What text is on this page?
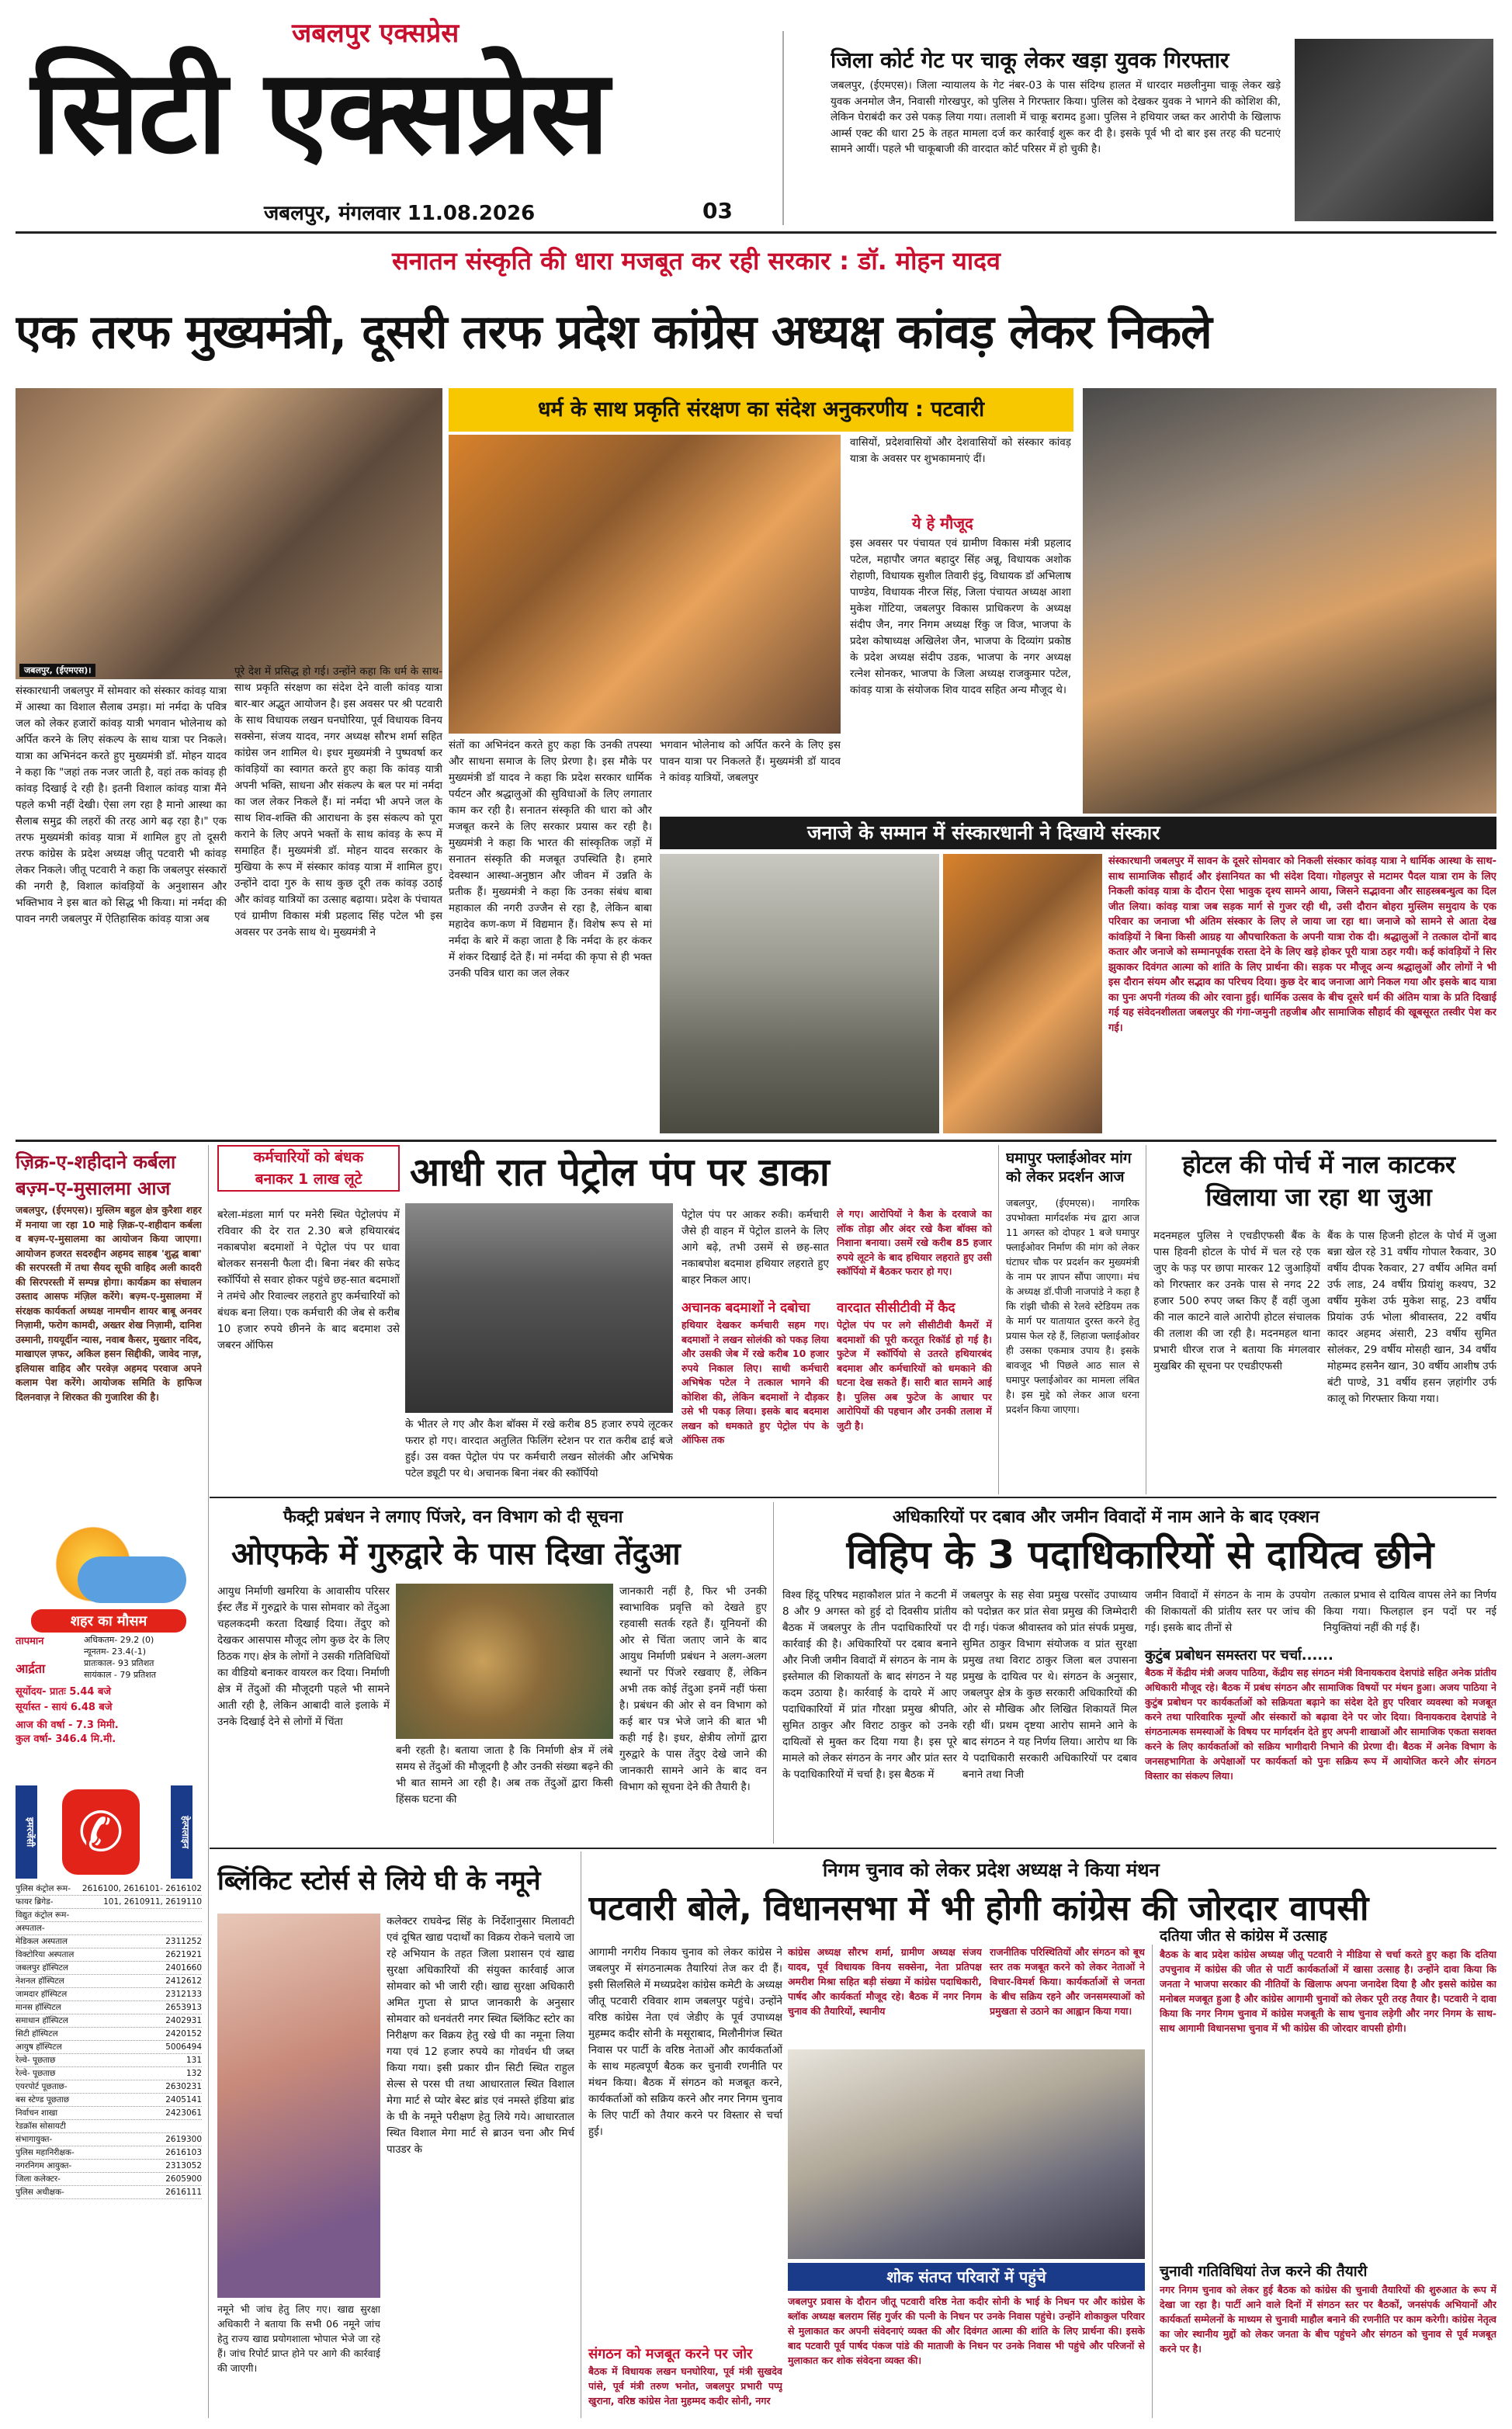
जबलपुर एक्सप्रेस
सिटी एक्सप्रेस
जबलपुर, मंगलवार 11.08.2026	03
जिला कोर्ट गेट पर चाकू लेकर खड़ा युवक गिरफ्तार
जबलपुर, (ईएमएस)। जिला न्यायालय के गेट नंबर-03 के पास संदिग्ध हालत में धारदार मछलीनुमा चाकू लेकर खड़े युवक अनमोल जैन, निवासी गोरखपुर, को पुलिस ने गिरफ्तार किया। पुलिस को देखकर युवक ने भागने की कोशिश की, लेकिन घेराबंदी कर उसे पकड़ लिया गया। तलाशी में चाकू बरामद हुआ। पुलिस ने हथियार जब्त कर आरोपी के खिलाफ आर्म्स एक्ट की धारा 25 के तहत मामला दर्ज कर कार्रवाई शुरू कर दी है। इसके पूर्व भी दो बार इस तरह की घटनाएं सामने आयीं। पहले भी चाकूबाजी की वारदात कोर्ट परिसर में हो चुकी है।
सनातन संस्कृति की धारा मजबूत कर रही सरकार : डॉ. मोहन यादव
एक तरफ मुख्यमंत्री, दूसरी तरफ प्रदेश कांग्रेस अध्यक्ष कांवड़ लेकर निकले
जबलपुर, (ईएमएस)।
धर्म के साथ प्रकृति संरक्षण का संदेश अनुकरणीय : पटवारी
संस्कारधानी जबलपुर में सोमवार को संस्कार कांवड़ यात्रा में आस्था का विशाल सैलाब उमड़ा। मां नर्मदा के पवित्र जल को लेकर हजारों कांवड़ यात्री भगवान भोलेनाथ को अर्पित करने के लिए संकल्प के साथ यात्रा पर निकले। यात्रा का अभिनंदन करते हुए मुख्यमंत्री डॉ. मोहन यादव ने कहा कि "जहां तक नजर जाती है, वहां तक कांवड़ ही कांवड़ दिखाई दे रही है। इतनी विशाल कांवड़ यात्रा मैंने पहले कभी नहीं देखी। ऐसा लग रहा है मानो आस्था का सैलाब समुद्र की लहरों की तरह आगे बढ़ रहा है।" एक तरफ मुख्यमंत्री कांवड़ यात्रा में शामिल हुए तो दूसरी तरफ कांग्रेस के प्रदेश अध्यक्ष जीतू पटवारी भी कांवड़ लेकर निकले। जीतू पटवारी ने कहा कि जबलपुर संस्कारों की नगरी है, विशाल कांवड़ियों के अनुशासन और भक्तिभाव ने इस बात को सिद्ध भी किया। मां नर्मदा की पावन नगरी जबलपुर में ऐतिहासिक कांवड़ यात्रा अब
पूरे देश में प्रसिद्ध हो गई। उन्होंने कहा कि धर्म के साथ-साथ प्रकृति संरक्षण का संदेश देने वाली कांवड़ यात्रा बार-बार अद्भुत आयोजन है। इस अवसर पर श्री पटवारी के साथ विधायक लखन घनघोरिया, पूर्व विधायक विनय सक्सेना, संजय यादव, नगर अध्यक्ष सौरभ शर्मा सहित कांग्रेस जन शामिल थे। इधर मुख्यमंत्री ने पुष्पवर्षा कर कांवड़ियों का स्वागत करते हुए कहा कि कांवड़ यात्री अपनी भक्ति, साधना और संकल्प के बल पर मां नर्मदा का जल लेकर निकले हैं। मां नर्मदा भी अपने जल के साथ शिव-शक्ति की आराधना के इस संकल्प को पूरा कराने के लिए अपने भक्तों के साथ कांवड़ के रूप में समाहित हैं। मुख्यमंत्री डॉ. मोहन यादव सरकार के मुखिया के रूप में संस्कार कांवड़ यात्रा में शामिल हुए। उन्होंने दादा गुरु के साथ कुछ दूरी तक कांवड़ उठाई और कांवड़ यात्रियों का उत्साह बढ़ाया। प्रदेश के पंचायत एवं ग्रामीण विकास मंत्री प्रहलाद सिंह पटेल भी इस अवसर पर उनके साथ थे। मुख्यमंत्री ने
संतों का अभिनंदन करते हुए कहा कि उनकी तपस्या और साधना समाज के लिए प्रेरणा है। इस मौके पर मुख्यमंत्री डॉ यादव ने कहा कि प्रदेश सरकार धार्मिक पर्यटन और श्रद्धालुओं की सुविधाओं के लिए लगातार काम कर रही है। सनातन संस्कृति की धारा को और मजबूत करने के लिए सरकार प्रयास कर रही है। मुख्यमंत्री ने कहा कि भारत की सांस्कृतिक जड़ों में सनातन संस्कृति की मजबूत उपस्थिति है। हमारे देवस्थान आस्था-अनुष्ठान और जीवन में उन्नति के प्रतीक हैं। मुख्यमंत्री ने कहा कि उनका संबंध बाबा महाकाल की नगरी उज्जैन से रहा है, लेकिन बाबा महादेव कण-कण में विद्यमान हैं। विशेष रूप से मां नर्मदा के बारे में कहा जाता है कि नर्मदा के हर कंकर में शंकर दिखाई देते हैं। मां नर्मदा की कृपा से ही भक्त उनकी पवित्र धारा का जल लेकर
भगवान भोलेनाथ को अर्पित करने के लिए इस पावन यात्रा पर निकलते हैं। मुख्यमंत्री डॉ यादव ने कांवड़ यात्रियों, जबलपुर
वासियों, प्रदेशवासियों और देशवासियों को संस्कार कांवड़ यात्रा के अवसर पर शुभकामनाएं दीं।
ये हे मौजूद
इस अवसर पर पंचायत एवं ग्रामीण विकास मंत्री प्रहलाद पटेल, महापौर जगत बहादुर सिंह अन्नू, विधायक अशोक रोहाणी, विधायक सुशील तिवारी इंदु, विधायक डॉ अभिलाष पाण्डेय, विधायक नीरज सिंह, जिला पंचायत अध्यक्ष आशा मुकेश गोंटिया, जबलपुर विकास प्राधिकरण के अध्यक्ष संदीप जैन, नगर निगम अध्यक्ष रिंकु ज विज, भाजपा के प्रदेश कोषाध्यक्ष अखिलेश जैन, भाजपा के दिव्यांग प्रकोष्ठ के प्रदेश अध्यक्ष संदीप उडक, भाजपा के नगर अध्यक्ष रत्नेश सोनकर, भाजपा के जिला अध्यक्ष राजकुमार पटेल, कांवड़ यात्रा के संयोजक शिव यादव सहित अन्य मौजूद थे।
जनाजे के सम्मान में संस्कारधानी ने दिखाये संस्कार
संस्कारधानी जबलपुर में सावन के दूसरे सोमवार को निकली संस्कार कांवड़ यात्रा ने धार्मिक आस्था के साथ-साथ सामाजिक सौहार्द और इंसानियत का भी संदेश दिया। गोहलपुर से मटामर पैदल यात्रा राम के लिए निकली कांवड़ यात्रा के दौरान ऐसा भावुक दृश्य सामने आया, जिसने सद्भावना और साहस्त्रबन्धुत्व का दिल जीत लिया। कांवड़ यात्रा जब सड़क मार्ग से गुजर रही थी, उसी दौरान बोहरा मुस्लिम समुदाय के एक परिवार का जनाजा भी अंतिम संस्कार के लिए ले जाया जा रहा था। जनाजे को सामने से आता देख कांवड़ियों ने बिना किसी आग्रह या औपचारिकता के अपनी यात्रा रोक दी। श्रद्धालुओं ने तत्काल दोनों बाद कतार और जनाजे को सम्मानपूर्वक रास्ता देने के लिए खड़े होकर पूरी यात्रा ठहर गयी। कई कांवड़ियों ने सिर झुकाकर दिवंगत आत्मा को शांति के लिए प्रार्थना की। सड़क पर मौजूद अन्य श्रद्धालुओं और लोगों ने भी इस दौरान संयम और सद्भाव का परिचय दिया। कुछ देर बाद जनाजा आगे निकल गया और इसके बाद यात्रा का पुनः अपनी गंतव्य की ओर रवाना हुई। धार्मिक उत्सव के बीच दूसरे धर्म की अंतिम यात्रा के प्रति दिखाई गई यह संवेदनशीलता जबलपुर की गंगा-जमुनी तहजीब और सामाजिक सौहार्द की खूबसूरत तस्वीर पेश कर गई।
ज़िक्र-ए-शहीदाने कर्बला
बज़्म-ए-मुसालमा आज
जबलपुर, (ईएमएस)। मुस्लिम बहुल क्षेत्र कुरैशा शहर में मनाया जा रहा 10 माहे ज़िक्र-ए-शहीदान कर्बला व बज़्म-ए-मुसालमा का आयोजन किया जाएगा। आयोजन हजरत सदरुद्दीन अहमद साहब 'शुद्ध बाबा' की सरपरस्ती में तथा सैयद सूफी वाहिद अली कादरी की सिरपरस्ती में सम्पन्न होगा। कार्यक्रम का संचालन उस्ताद आसफ मंज़िल करेंगे। बज़्म-ए-मुसालमा में संरक्षक कार्यकर्ता अध्यक्ष नामचीन शायर बाबू अनवर निज़ामी, फरोग कामदी, अख्तर शेख निज़ामी, दानिश उस्मानी, ग़ययूर्दीन न्यास, नवाब कैसर, मुख्तार नदिद, माखाएल ज़फर, अकिल हसन सिद्दीकी, जावेद नाज़, इलियास वाहिद और परवेज़ अहमद परवाज अपने कलाम पेश करेंगे। आयोजक समिति के हाफिज दिलनवाज़ ने शिरकत की गुजारिश की है।
शहर का मौसम
तापमान	अधिकतम- 29.2 (0)
न्यूनतम- 23.4(-1)
प्रातःकाल- 93 प्रतिशत
आर्द्रता	सायंकाल - 79 प्रतिशत
सूर्योदय- प्रातः 5.44 बजे
सूर्यास्त - सायं 6.48 बजे
आज की वर्षा - 7.3 मिमी.
कुल वर्षा- 346.4 मि.मी.
इमरजेंसी ✆	हेल्पलाइन
पुलिस कंट्रोल रूम- 2616100, 2616101- 2616102
फायर ब्रिगेड-	101, 2610911, 2619110
विद्युत कंट्रोल रूम-
अस्पताल-
मेडिकल अस्पताल	2311252
विक्टोरिया अस्पताल	2621921
जबलपुर हॉस्पिटल	2401660
नेशनल हॉस्पिटल	2412612
जामदार हॉस्पिटल	2312133
मानस हॉस्पिटल	2653913
समाधान हॉस्पिटल	2402931
सिटी हॉस्पिटल	2420152
आयुष हॉस्पिटल	5006494
रेल्वे- पूछताछ	131
रेल्वे- पूछताछ	132
एयरपोर्ट पूछताछ-	2630231
बस स्टेण्ड पूछताछ	2405141
निर्वाचन शाखा	2423061
रेडक्रॉस सोसायटी
संभागायुक्त-	2619300
पुलिस महानिरीक्षक-	2616103
नगरनिगम आयुक्त-	2313052
जिला कलेक्टर-	2605900
पुलिस अधीक्षक-	2616111
कर्मचारियों को बंधक
बनाकर 1 लाख लूटे	आधी रात पेट्रोल पंप पर डाका
बरेला-मंडला मार्ग पर मनेरी स्थित पेट्रोलपंप में रविवार की देर रात 2.30 बजे हथियारबंद नकाबपोश बदमाशों ने पेट्रोल पंप पर धावा बोलकर सनसनी फैला दी। बिना नंबर की सफेद स्कॉर्पियो से सवार होकर पहुंचे छह-सात बदमाशों ने तमंचे और रिवाल्वर लहराते हुए कर्मचारियों को बंधक बना लिया। एक कर्मचारी की जेब से करीब 10 हजार रुपये छीनने के बाद बदमाश उसे जबरन ऑफिस
के भीतर ले गए और कैश बॉक्स में रखे करीब 85 हजार रुपये लूटकर फरार हो गए। वारदात अतुलित फिलिंग स्टेशन पर रात करीब ढाई बजे हुई। उस वक्त पेट्रोल पंप पर कर्मचारी लखन सोलंकी और अभिषेक पटेल ड्यूटी पर थे। अचानक बिना नंबर की स्कॉर्पियो
पेट्रोल पंप पर आकर रुकी। कर्मचारी जैसे ही वाहन में पेट्रोल डालने के लिए आगे बढ़े, तभी उसमें से छह-सात नकाबपोश बदमाश हथियार लहराते हुए बाहर निकल आए।
अचानक बदमाशों ने दबोचा
हथियार देखकर कर्मचारी सहम गए। बदमाशों ने लखन सोलंकी को पकड़ लिया और उसकी जेब में रखे करीब 10 हजार रुपये निकाल लिए। साथी कर्मचारी अभिषेक पटेल ने तत्काल भागने की कोशिश की, लेकिन बदमाशों ने दौड़कर उसे भी पकड़ लिया। इसके बाद बदमाश लखन को धमकाते हुए पेट्रोल पंप के ऑफिस तक
ले गए। आरोपियों ने कैश के दरवाजे का लॉक तोड़ा और अंदर रखे कैश बॉक्स को निशाना बनाया। उसमें रखे करीब 85 हजार रुपये लूटने के बाद हथियार लहराते हुए उसी स्कॉर्पियो में बैठकर फरार हो गए।
वारदात सीसीटीवी में कैद
पेट्रोल पंप पर लगे सीसीटीवी कैमरों में बदमाशों की पूरी करतूत रिकॉर्ड हो गई है। फुटेज में स्कॉर्पियो से उतरते हथियारबंद बदमाश और कर्मचारियों को धमकाने की घटना देख सकते हैं। सारी बात सामने आई है। पुलिस अब फुटेज के आधार पर आरोपियों की पहचान और उनकी तलाश में जुटी है।
घमापुर फ्लाईओवर मांग
को लेकर प्रदर्शन आज
जबलपुर, (ईएमएस)। नागरिक उपभोक्ता मार्गदर्शक मंच द्वारा आज 11 अगस्त को दोपहर 1 बजे घमापुर फ्लाईओवर निर्माण की मांग को लेकर घंटाघर चौक पर प्रदर्शन कर मुख्यमंत्री के नाम पर ज्ञापन सौंपा जाएगा। मंच के अध्यक्ष डॉ.पीजी नाजपांडे ने कहा है कि रांझी चौकी से रेलवे स्टेडियम तक के मार्ग पर यातायात दुरस्त करने हेतु प्रयास फेल रहे हैं, लिहाजा फ्लाईओवर ही उसका एकमात्र उपाय है। इसके बावजूद भी पिछले आठ साल से घमापुर फ्लाईओवर का मामला लंबित है। इस मुद्दे को लेकर आज धरना प्रदर्शन किया जाएगा।
होटल की पोर्च में नाल काटकर
खिलाया जा रहा था जुआ
मदनमहल पुलिस ने एचडीएफसी बैंक के पास हिवनी होटल के पोर्च में चल रहे एक जुए के फड़ पर छापा मारकर 12 जुआड़ियों को गिरफ्तार कर उनके पास से नगद 22 हजार 500 रुपए जब्त किए हैं वहीं जुआ की नाल काटने वाले आरोपी होटल संचालक की तलाश की जा रही है। मदनमहल थाना प्रभारी धीरज राज ने बताया कि मंगलवार मुखबिर की सूचना पर एचडीएफसी
बैंक के पास हिजनी होटल के पोर्च में जुआ बन्ना खेल रहे 31 वर्षीय गोपाल रैकवार, 30 वर्षीय दीपक रैकवार, 27 वर्षीय अमित वर्मा उर्फ लाड, 24 वर्षीय प्रियांशु कश्यप, 32 वर्षीय मुकेश उर्फ मुकेश साहू, 23 वर्षीय प्रियांक उर्फ भोला श्रीवास्तव, 22 वर्षीय कादर अहमद अंसारी, 23 वर्षीय सुमित सोलंकर, 29 वर्षीय मोसही खान, 34 वर्षीय मोहम्मद हसनैन खान, 30 वर्षीय आशीष उर्फ बंटी पाण्डे, 31 वर्षीय हसन ज़हांगीर उर्फ कालू को गिरफ्तार किया गया।
फैक्ट्री प्रबंधन ने लगाए पिंजरे, वन विभाग को दी सूचना
ओएफके में गुरुद्वारे के पास दिखा तेंदुआ
आयुध निर्माणी खमरिया के आवासीय परिसर ईस्ट लैंड में गुरुद्वारे के पास सोमवार को तेंदुआ चहलकदमी करता दिखाई दिया। तेंदुए को देखकर आसपास मौजूद लोग कुछ देर के लिए ठिठक गए। क्षेत्र के लोगों ने उसकी गतिविधियों का वीडियो बनाकर वायरल कर दिया। निर्माणी क्षेत्र में तेंदुओं की मौजूदगी पहले भी सामने आती रही है, लेकिन आबादी वाले इलाके में उनके दिखाई देने से लोगों में चिंता
बनी रहती है। बताया जाता है कि निर्माणी क्षेत्र में लंबे समय से तेंदुओं की मौजूदगी है और उनकी संख्या बढ़ने की भी बात सामने आ रही है। अब तक तेंदुओं द्वारा किसी हिंसक घटना की
जानकारी नहीं है, फिर भी उनकी स्वाभाविक प्रवृत्ति को देखते हुए रहवासी सतर्क रहते हैं। यूनियनों की ओर से चिंता जताए जाने के बाद आयुध निर्माणी प्रबंधन ने अलग-अलग स्थानों पर पिंजरे रखवाए हैं, लेकिन अभी तक कोई तेंदुआ इनमें नहीं फंसा है। प्रबंधन की ओर से वन विभाग को कई बार पत्र भेजे जाने की बात भी कही गई है। इधर, क्षेत्रीय लोगों द्वारा गुरुद्वारे के पास तेंदुए देखे जाने की जानकारी सामने आने के बाद वन विभाग को सूचना देने की तैयारी है।
अधिकारियों पर दबाव और जमीन विवादों में नाम आने के बाद एक्शन
विहिप के 3 पदाधिकारियों से दायित्व छीने
विश्व हिंदू परिषद महाकौशल प्रांत ने कटनी में 8 और 9 अगस्त को हुई दो दिवसीय प्रांतीय बैठक में जबलपुर के तीन पदाधिकारियों पर कार्रवाई की है। अधिकारियों पर दबाव बनाने और निजी जमीन विवादों में संगठन के नाम के इस्तेमाल की शिकायतों के बाद संगठन ने यह कदम उठाया है। कार्रवाई के दायरे में आए पदाधिकारियों में प्रांत गौरक्षा प्रमुख श्रीपति, सुमित ठाकुर और विराट ठाकुर को उनके दायित्वों से मुक्त कर दिया गया है। इस पूरे मामले को लेकर संगठन के नगर और प्रांत स्तर के पदाधिकारियों में चर्चा है। इस बैठक में
जबलपुर के सह सेवा प्रमुख परसोंद उपाध्याय को पदोन्नत कर प्रांत सेवा प्रमुख की जिम्मेदारी दी गई। पंकज श्रीवास्तव को प्रांत संपर्क प्रमुख, सुमित ठाकुर विभाग संयोजक व प्रांत सुरक्षा प्रमुख तथा विराट ठाकुर जिला बल उपासना प्रमुख के दायित्व पर थे। संगठन के अनुसार, जबलपुर क्षेत्र के कुछ सरकारी अधिकारियों की ओर से मौखिक और लिखित शिकायतें मिल रही थीं। प्रथम दृष्टया आरोप सामने आने के बाद संगठन ने यह निर्णय लिया। आरोप था कि ये पदाधिकारी सरकारी अधिकारियों पर दबाव बनाने तथा निजी
जमीन विवादों में संगठन के नाम के उपयोग की शिकायतों की प्रांतीय स्तर पर जांच की गई। इसके बाद तीनों से
तत्काल प्रभाव से दायित्व वापस लेने का निर्णय किया गया। फिलहाल इन पदों पर नई नियुक्तियां नहीं की गई हैं।
कुटुंब प्रबोधन समस्तरा पर चर्चा......
बैठक में केंद्रीय मंत्री अजय पाठिया, केंद्रीय सह संगठन मंत्री विनायकराव देशपांडे सहित अनेक प्रांतीय अधिकारी मौजूद रहे। बैठक में प्रबंध संगठन और सामाजिक विषयों पर मंथन हुआ। अजय पाठिया ने कुटुंब प्रबोधन पर कार्यकर्ताओं को सक्रियता बढ़ाने का संदेश देते हुए परिवार व्यवस्था को मजबूत करने तथा पारिवारिक मूल्यों और संस्कारों को बढ़ावा देने पर जोर दिया। विनायकराव देशपांडे ने संगठनात्मक समस्याओं के विषय पर मार्गदर्शन देते हुए अपनी शाखाओं और सामाजिक एकता सशक्त करने के लिए कार्यकर्ताओं को सक्रिय भागीदारी निभाने की प्रेरणा दी। बैठक में अनेक विभाग के जनसहभागिता के अपेक्षाओं पर कार्यकर्ता को पुनः सक्रिय रूप में आयोजित करने और संगठन विस्तार का संकल्प लिया।
ब्लिंकिट स्टोर्स से लिये घी के नमूने
कलेक्टर राघवेन्द्र सिंह के निर्देशानुसार मिलावटी एवं दूषित खाद्य पदार्थों का विक्रय रोकने चलाये जा रहे अभियान के तहत जिला प्रशासन एवं खाद्य सुरक्षा अधिकारियों की संयुक्त कार्रवाई आज सोमवार को भी जारी रही। खाद्य सुरक्षा अधिकारी अमित गुप्ता से प्राप्त जानकारी के अनुसार सोमवार को धनवंतरी नगर स्थित ब्लिंकिट स्टोर का निरीक्षण कर विक्रय हेतु रखे घी का नमूना लिया गया एवं 12 हजार रुपये का गोवर्धन घी जब्त किया गया। इसी प्रकार ग्रीन सिटी स्थित राहुल सेल्स से परस घी तथा आधारताल स्थित विशाल मेगा मार्ट से प्योर बेस्ट ब्रांड एवं नमस्ते इंडिया ब्रांड के घी के नमूने परीक्षण हेतु लिये गये। आधारताल स्थित विशाल मेगा मार्ट से ब्राउन चना और मिर्च पाउडर के
नमूने भी जांच हेतु लिए गए। खाद्य सुरक्षा अधिकारी ने बताया कि सभी 06 नमूने जांच हेतु राज्य खाद्य प्रयोगशाला भोपाल भेजे जा रहे हैं। जांच रिपोर्ट प्राप्त होने पर आगे की कार्रवाई की जाएगी।
निगम चुनाव को लेकर प्रदेश अध्यक्ष ने किया मंथन
पटवारी बोले, विधानसभा में भी होगी कांग्रेस की जोरदार वापसी
आगामी नगरीय निकाय चुनाव को लेकर कांग्रेस ने जबलपुर में संगठनात्मक तैयारियां तेज कर दी हैं। इसी सिलसिले में मध्यप्रदेश कांग्रेस कमेटी के अध्यक्ष जीतू पटवारी रविवार शाम जबलपुर पहुंचे। उन्होंने वरिष्ठ कांग्रेस नेता एवं जेडीए के पूर्व उपाध्यक्ष मुहम्मद कदीर सोनी के मसूराबाद, मिलौनीगंज स्थित निवास पर पार्टी के वरिष्ठ नेताओं और कार्यकर्ताओं के साथ महत्वपूर्ण बैठक कर चुनावी रणनीति पर मंथन किया। बैठक में संगठन को मजबूत करने, कार्यकर्ताओं को सक्रिय करने और नगर निगम चुनाव के लिए पार्टी को तैयार करने पर विस्तार से चर्चा हुई।
संगठन को मजबूत करने पर जोर
बैठक में विधायक लखन घनघोरिया, पूर्व मंत्री सुखदेव पांसे, पूर्व मंत्री तरुण भनोत, जबलपुर प्रभारी पप्पू खुराना, वरिष्ठ कांग्रेस नेता मुहम्मद कदीर सोनी, नगर
कांग्रेस अध्यक्ष सौरभ शर्मा, ग्रामीण अध्यक्ष संजय यादव, पूर्व विधायक विनय सक्सेना, नेता प्रतिपक्ष अमरीश मिश्रा सहित बड़ी संख्या में कांग्रेस पदाधिकारी, पार्षद और कार्यकर्ता मौजूद रहे। बैठक में नगर निगम चुनाव की तैयारियों, स्थानीय
राजनीतिक परिस्थितियों और संगठन को बूथ स्तर तक मजबूत करने को लेकर नेताओं ने विचार-विमर्श किया। कार्यकर्ताओं से जनता के बीच सक्रिय रहने और जनसमस्याओं को प्रमुखता से उठाने का आह्वान किया गया।
शोक संतप्त परिवारों में पहुंचे
जबलपुर प्रवास के दौरान जीतू पटवारी वरिष्ठ नेता कदीर सोनी के भाई के निधन पर और कांग्रेस के ब्लॉक अध्यक्ष बलराम सिंह गुर्जर की पत्नी के निधन पर उनके निवास पहुंचे। उन्होंने शोकाकुल परिवार से मुलाकात कर अपनी संवेदनाएं व्यक्त की और दिवंगत आत्मा की शांति के लिए प्रार्थना की। इसके बाद पटवारी पूर्व पार्षद पंकज पांडे की माताजी के निधन पर उनके निवास भी पहुंचे और परिजनों से मुलाकात कर शोक संवेदना व्यक्त की।
दतिया जीत से कांग्रेस में उत्साह
बैठक के बाद प्रदेश कांग्रेस अध्यक्ष जीतू पटवारी ने मीडिया से चर्चा करते हुए कहा कि दतिया उपचुनाव में कांग्रेस की जीत से पार्टी कार्यकर्ताओं में खासा उत्साह है। उन्होंने दावा किया कि जनता ने भाजपा सरकार की नीतियों के खिलाफ अपना जनादेश दिया है और इससे कांग्रेस का मनोबल मजबूत हुआ है और कांग्रेस आगामी चुनावों को लेकर पूरी तरह तैयार है। पटवारी ने दावा किया कि नगर निगम चुनाव में कांग्रेस मजबूती के साथ चुनाव लड़ेगी और नगर निगम के साथ-साथ आगामी विधानसभा चुनाव में भी कांग्रेस की जोरदार वापसी होगी।
चुनावी गतिविधियां तेज करने की तैयारी
नगर निगम चुनाव को लेकर हुई बैठक को कांग्रेस की चुनावी तैयारियों की शुरुआत के रूप में देखा जा रहा है। पार्टी आने वाले दिनों में संगठन स्तर पर बैठकों, जनसंपर्क अभियानों और कार्यकर्ता सम्मेलनों के माध्यम से चुनावी माहौल बनाने की रणनीति पर काम करेगी। कांग्रेस नेतृत्व का जोर स्थानीय मुद्दों को लेकर जनता के बीच पहुंचने और संगठन को चुनाव से पूर्व मजबूत करने पर है।
